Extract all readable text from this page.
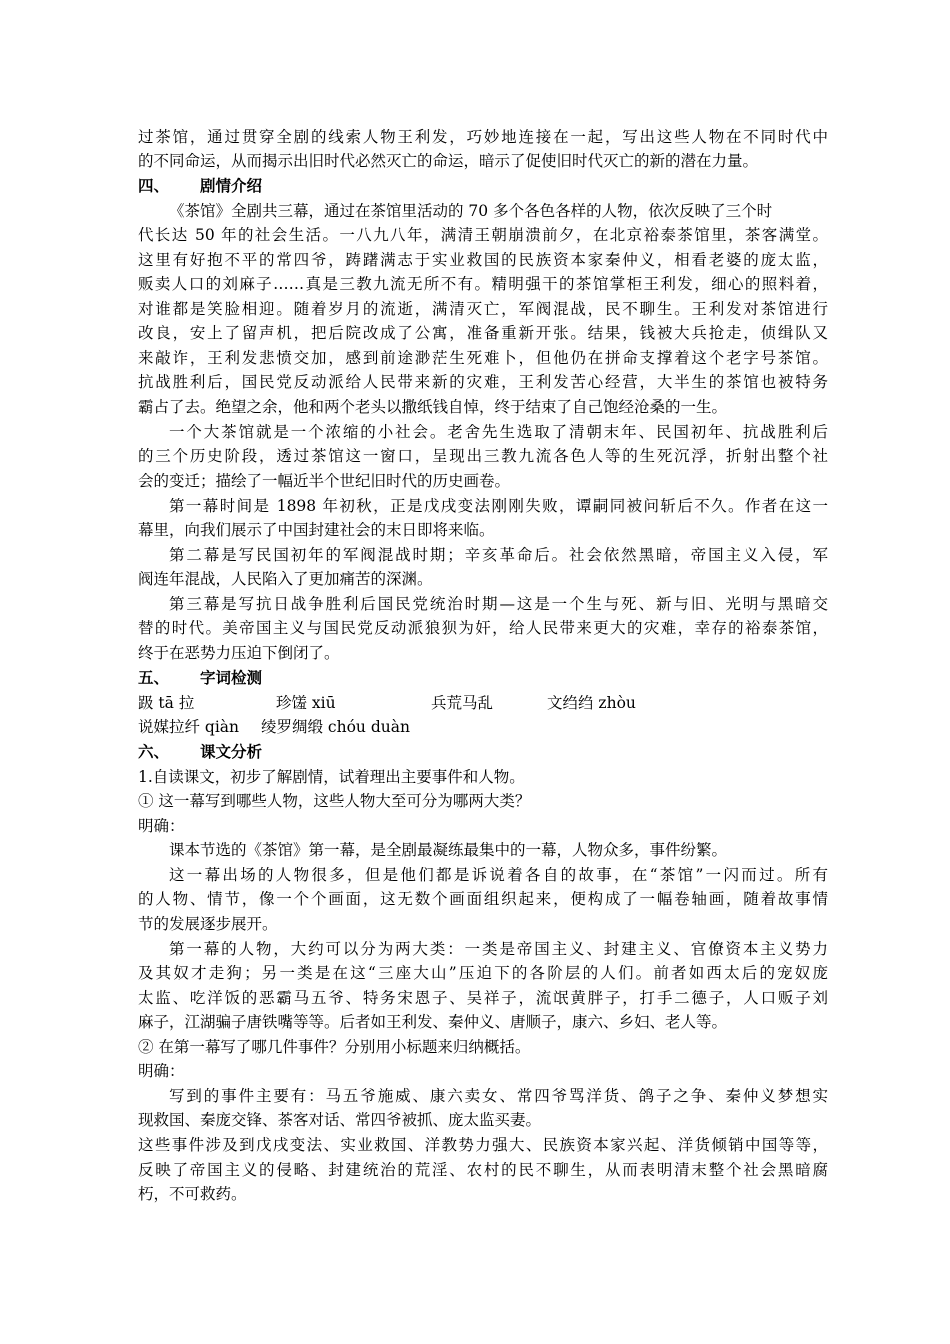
过茶馆，通过贯穿全剧的线索人物王利发，巧妙地连接在一起，写出这些人物在不同时代中
的不同命运，从而揭示出旧时代必然灭亡的命运，暗示了促使旧时代灭亡的新的潜在力量。
四、 剧情介绍
《茶馆》全剧共三幕，通过在茶馆里活动的 70 多个各色各样的人物，依次反映了三个时
代长达 50 年的社会生活。一八九八年，满清王朝崩溃前夕，在北京裕泰茶馆里，茶客满堂。
这里有好抱不平的常四爷，踌躇满志于实业救国的民族资本家秦仲义，相看老婆的庞太监，
贩卖人口的刘麻子……真是三教九流无所不有。精明强干的茶馆掌柜王利发，细心的照料着，
对谁都是笑脸相迎。随着岁月的流逝，满清灭亡，军阀混战，民不聊生。王利发对茶馆进行
改良，安上了留声机，把后院改成了公寓，准备重新开张。结果，钱被大兵抢走，侦缉队又
来敲诈，王利发悲愤交加，感到前途渺茫生死难卜，但他仍在拼命支撑着这个老字号茶馆。
抗战胜利后，国民党反动派给人民带来新的灾难，王利发苦心经营，大半生的茶馆也被特务
霸占了去。绝望之余，他和两个老头以撒纸钱自悼，终于结束了自己饱经沧桑的一生。
一个大茶馆就是一个浓缩的小社会。老舍先生选取了清朝末年、民国初年、抗战胜利后
的三个历史阶段，透过茶馆这一窗口，呈现出三教九流各色人等的生死沉浮，折射出整个社
会的变迁；描绘了一幅近半个世纪旧时代的历史画卷。
第一幕时间是 1898 年初秋，正是戊戌变法刚刚失败，谭嗣同被问斩后不久。作者在这一
幕里，向我们展示了中国封建社会的末日即将来临。
第二幕是写民国初年的军阀混战时期；辛亥革命后。社会依然黑暗，帝国主义入侵，军
阀连年混战，人民陷入了更加痛苦的深渊。
第三幕是写抗日战争胜利后国民党统治时期—这是一个生与死、新与旧、光明与黑暗交
替的时代。美帝国主义与国民党反动派狼狈为奸，给人民带来更大的灾难，幸存的裕泰茶馆，
终于在恶势力压迫下倒闭了。
五、 字词检测
趿 tā 拉	珍馐 xiū	兵荒马乱	文绉绉 zhòu
说媒拉纤 qiàn 绫罗绸缎 chóu duàn
六、 课文分析
1.自读课文，初步了解剧情，试着理出主要事件和人物。
① 这一幕写到哪些人物，这些人物大至可分为哪两大类？
明确：
课本节选的《茶馆》第一幕，是全剧最凝练最集中的一幕，人物众多，事件纷繁。
这一幕出场的人物很多，但是他们都是诉说着各自的故事，在“茶馆”一闪而过。所有
的人物、情节，像一个个画面，这无数个画面组织起来，便构成了一幅卷轴画，随着故事情
节的发展逐步展开。
第一幕的人物，大约可以分为两大类：一类是帝国主义、封建主义、官僚资本主义势力
及其奴才走狗；另一类是在这“三座大山”压迫下的各阶层的人们。前者如西太后的宠奴庞
太监、吃洋饭的恶霸马五爷、特务宋恩子、吴祥子，流氓黄胖子，打手二德子，人口贩子刘
麻子，江湖骗子唐铁嘴等等。后者如王利发、秦仲义、唐顺子，康六、乡妇、老人等。
② 在第一幕写了哪几件事件？分别用小标题来归纳概括。
明确：
写到的事件主要有：马五爷施威、康六卖女、常四爷骂洋货、鸽子之争、秦仲义梦想实
现救国、秦庞交锋、茶客对话、常四爷被抓、庞太监买妻。
这些事件涉及到戊戌变法、实业救国、洋教势力强大、民族资本家兴起、洋货倾销中国等等，
反映了帝国主义的侵略、封建统治的荒淫、农村的民不聊生，从而表明清末整个社会黑暗腐
朽，不可救药。
